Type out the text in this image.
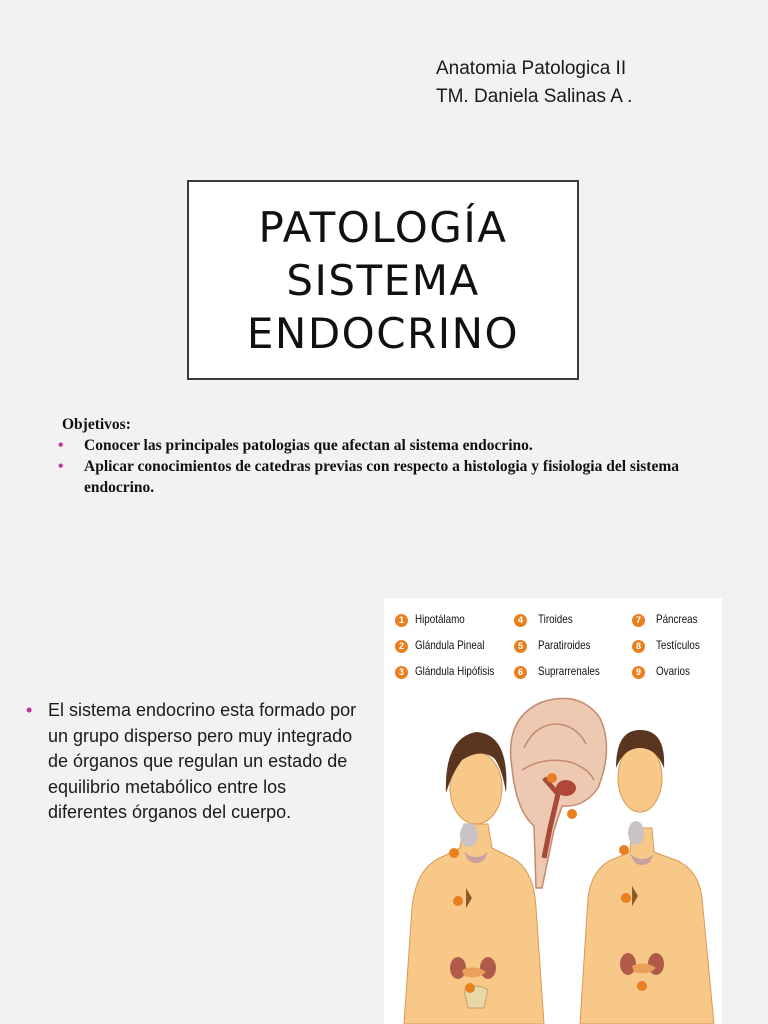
Anatomia Patologica II
TM. Daniela Salinas A .
PATOLOGÍA
SISTEMA
ENDOCRINO
Objetivos:
• Conocer las principales patologias que afectan al sistema endocrino.
• Aplicar conocimientos de catedras previas con respecto a histologia y fisiologia del sistema endocrino.
• El sistema endocrino esta formado por un grupo disperso pero muy integrado de órganos que regulan un estado de equilibrio metabólico entre los diferentes órganos del cuerpo.
1 Hipotálamo
2 Glándula Pineal
3 Glándula Hipófisis
4	Tiroides
5	Paratiroides
6	Suprarrenales
7	Páncreas
8	Testículos
9	Ovarios
